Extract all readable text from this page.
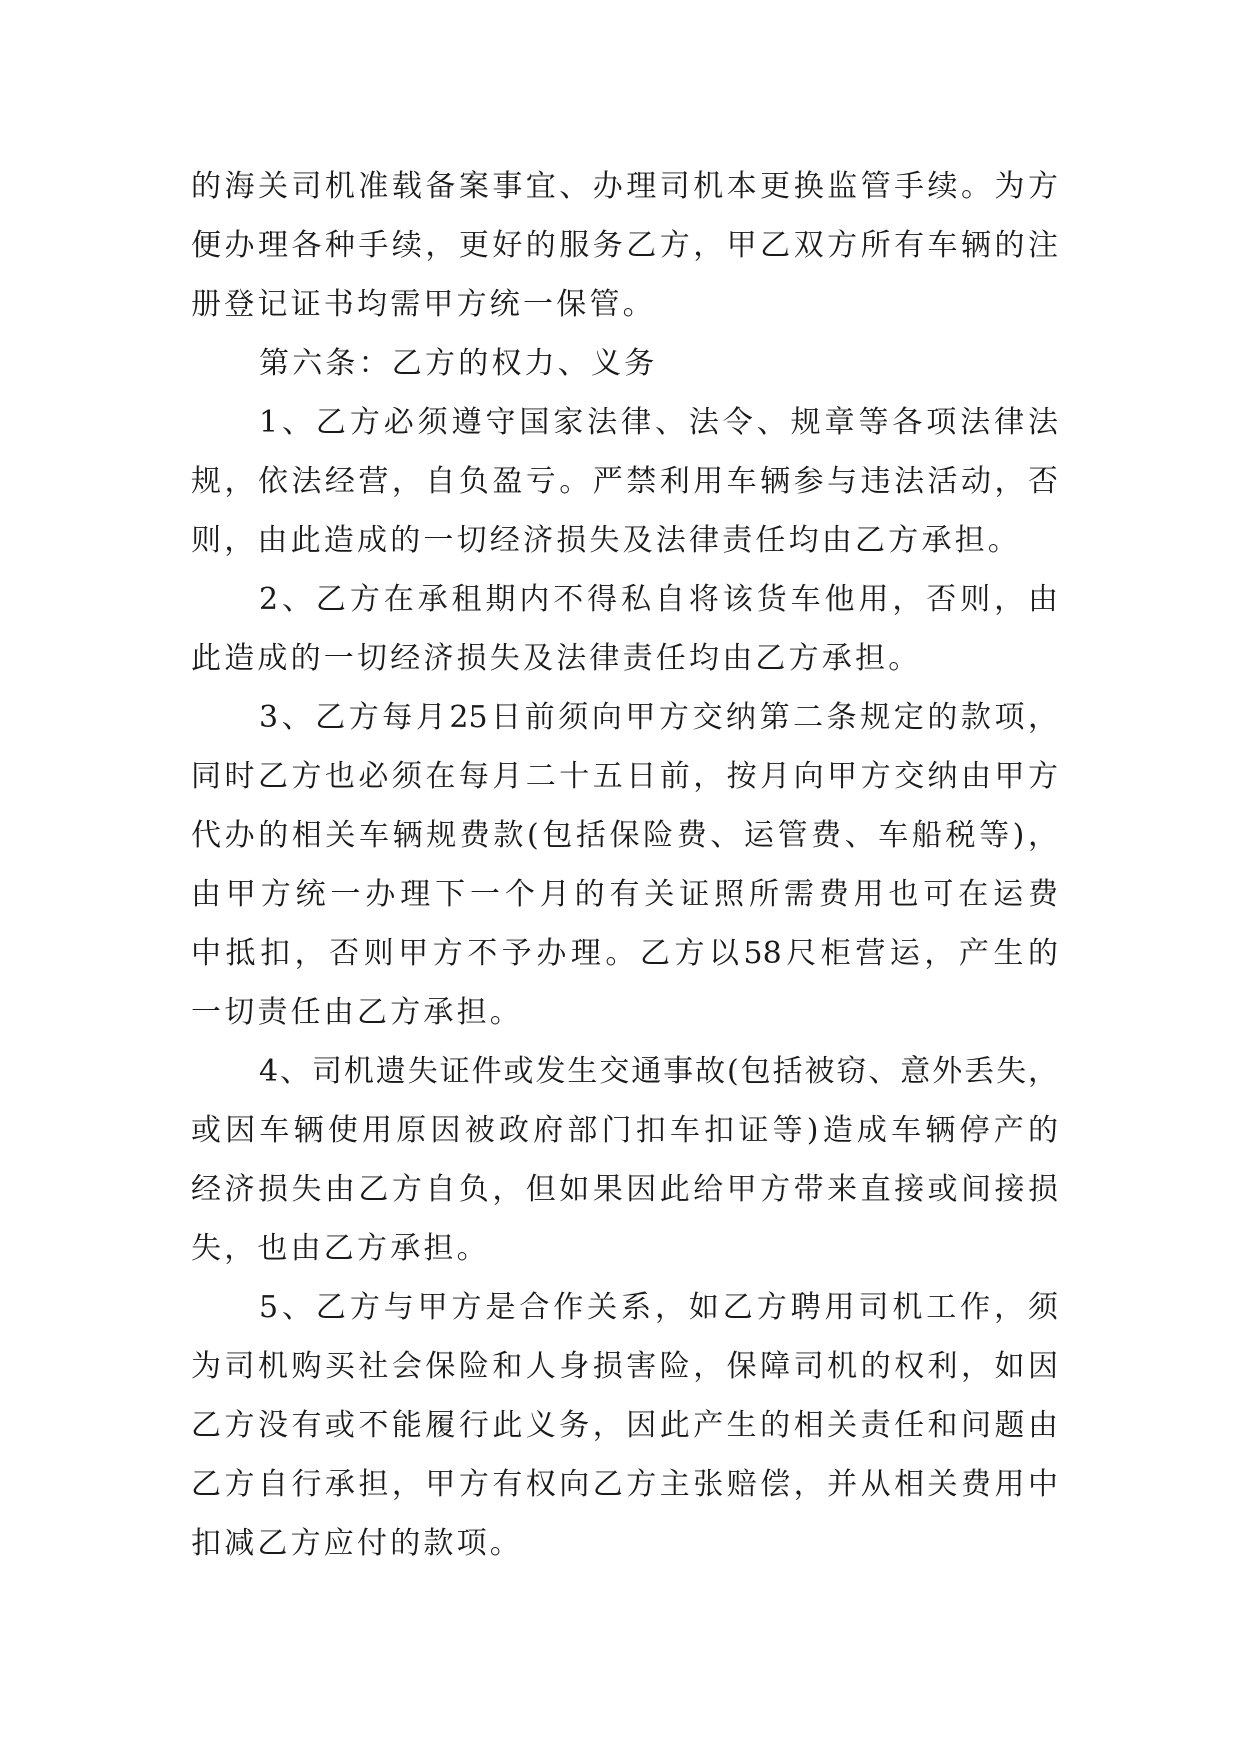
的海关司机准载备案事宜、办理司机本更换监管手续。为方
便办理各种手续，更好的服务乙方，甲乙双方所有车辆的注
册登记证书均需甲方统一保管。
第六条：乙方的权力、义务
1、乙方必须遵守国家法律、法令、规章等各项法律法
规，依法经营，自负盈亏。严禁利用车辆参与违法活动，否
则，由此造成的一切经济损失及法律责任均由乙方承担。
2、乙方在承租期内不得私自将该货车他用，否则，由
此造成的一切经济损失及法律责任均由乙方承担。
3、乙方每月25日前须向甲方交纳第二条规定的款项，
同时乙方也必须在每月二十五日前，按月向甲方交纳由甲方
代办的相关车辆规费款(包括保险费、运管费、车船税等)，
由甲方统一办理下一个月的有关证照所需费用也可在运费
中抵扣，否则甲方不予办理。乙方以58尺柜营运，产生的
一切责任由乙方承担。
4、司机遗失证件或发生交通事故(包括被窃、意外丢失，
或因车辆使用原因被政府部门扣车扣证等)造成车辆停产的
经济损失由乙方自负，但如果因此给甲方带来直接或间接损
失，也由乙方承担。
5、乙方与甲方是合作关系，如乙方聘用司机工作，须
为司机购买社会保险和人身损害险，保障司机的权利，如因
乙方没有或不能履行此义务，因此产生的相关责任和问题由
乙方自行承担，甲方有权向乙方主张赔偿，并从相关费用中
扣减乙方应付的款项。
